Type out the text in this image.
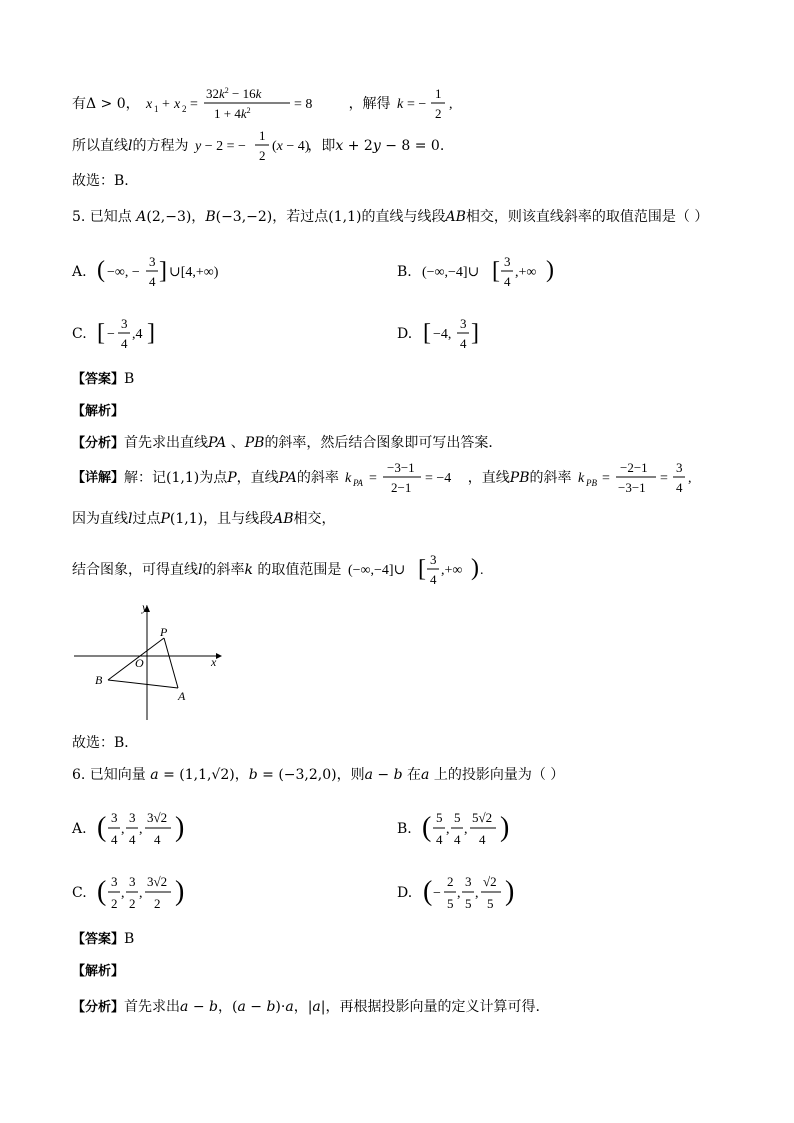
有Δ > 0， x 1 + x 2 =
$32k^2 - 16k$
$1 + 4k^2$	= 8	，解得 k = −
1
2
,
所以直线l的方程为 y − 2 = −
1
2
(x − 4)
，即x + 2y − 8 = 0.
故选：B.
5. 已知点 A(2,−3)，B(−3,−2)，若过点(1,1)的直线与线段AB相交，则该直线斜率的取值范围是（ ）
A. ( −∞, −
3
4 ] ∪[4,+∞)	B. (−∞,−4]∪ [ 3
4
,+∞ )
C. [ −
3
4
,4 ]	D. [ −4,
3
4 ]
【答案】B
【解析】
【分析】首先求出直线PA 、PB的斜率，然后结合图象即可写出答案．
【详解】解：记(1,1)为点P，直线PA的斜率 k PA =
−3−1
2−1
= −4 ，直线PB的斜率 k PB =
−2−1
−3−1
=
3
4
,
因为直线l过点P(1,1)，且与线段AB相交，
结合图象，可得直线l的斜率k 的取值范围是 (−∞,−4]∪ [ 3
4
,+∞ ) .
y
x
O
P
A
B
故选：B．
6. 已知向量 a = (1,1,√2)，b = (−3,2,0)，则a − b 在a 上的投影向量为（ ）
A. ( 3
4
,
3
4
,
3√2
4 )	B. ( 5
4
,
5
4
,
5√2
4 )
C. ( 3
2
,
3
2
,
3√2
2 )	D. ( −
2
5
,
3
5
,
√2
5 )
【答案】B
【解析】
【分析】首先求出a − b，(a − b)·a，|a|，再根据投影向量的定义计算可得.
